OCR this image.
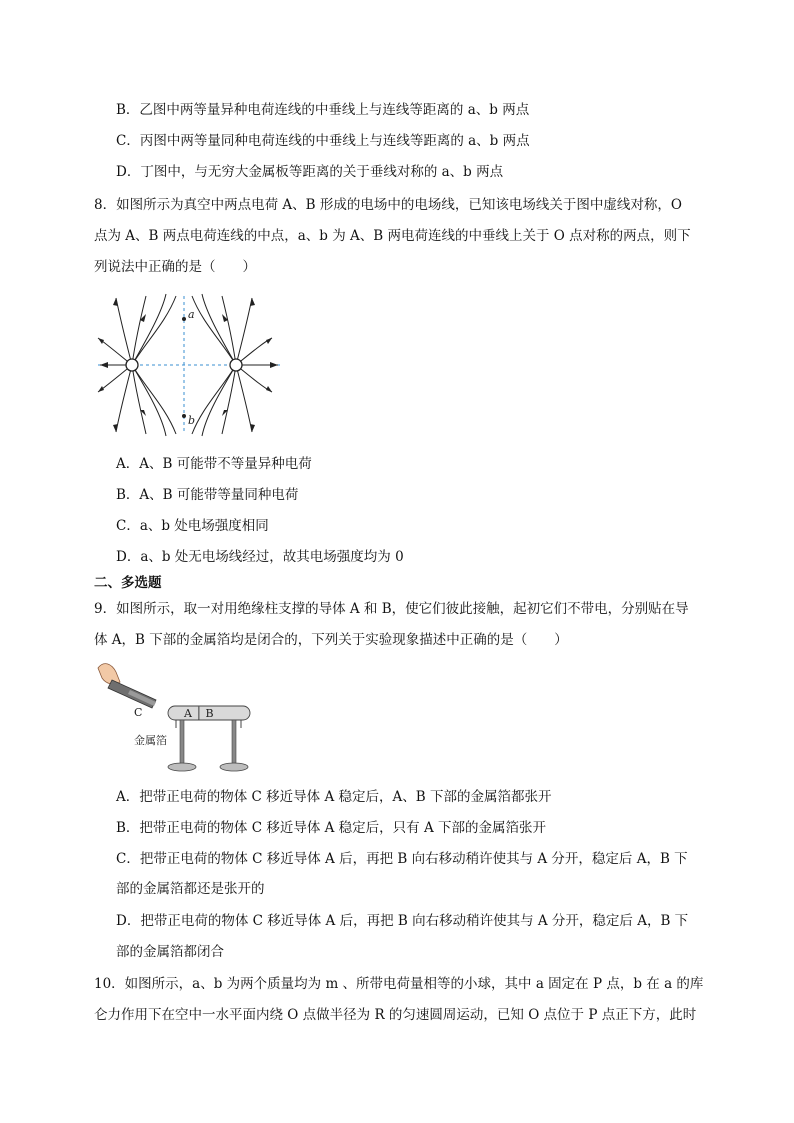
B．乙图中两等量异种电荷连线的中垂线上与连线等距离的 a、b 两点
C．丙图中两等量同种电荷连线的中垂线上与连线等距离的 a、b 两点
D．丁图中，与无穷大金属板等距离的关于垂线对称的 a、b 两点
8．如图所示为真空中两点电荷 A、B 形成的电场中的电场线，已知该电场线关于图中虚线对称，O
点为 A、B 两点电荷连线的中点，a、b 为 A、B 两电荷连线的中垂线上关于 O 点对称的两点，则下
列说法中正确的是（　　）
a
b
A．A、B 可能带不等量异种电荷
B．A、B 可能带等量同种电荷
C．a、b 处电场强度相同
D．a、b 处无电场线经过，故其电场强度均为 0
二、多选题
9．如图所示，取一对用绝缘柱支撑的导体 A 和 B，使它们彼此接触，起初它们不带电，分别贴在导
体 A，B 下部的金属箔均是闭合的，下列关于实验现象描述中正确的是（　　）
C	A │ B
金属箔
A．把带正电荷的物体 C 移近导体 A 稳定后，A、B 下部的金属箔都张开
B．把带正电荷的物体 C 移近导体 A 稳定后，只有 A 下部的金属箔张开
C．把带正电荷的物体 C 移近导体 A 后，再把 B 向右移动稍许使其与 A 分开，稳定后 A，B 下
部的金属箔都还是张开的
D．把带正电荷的物体 C 移近导体 A 后，再把 B 向右移动稍许使其与 A 分开，稳定后 A，B 下
部的金属箔都闭合
10．如图所示，a、b 为两个质量均为 m 、所带电荷量相等的小球，其中 a 固定在 P 点，b 在 a 的库
仑力作用下在空中一水平面内绕 O 点做半径为 R 的匀速圆周运动，已知 O 点位于 P 点正下方，此时
